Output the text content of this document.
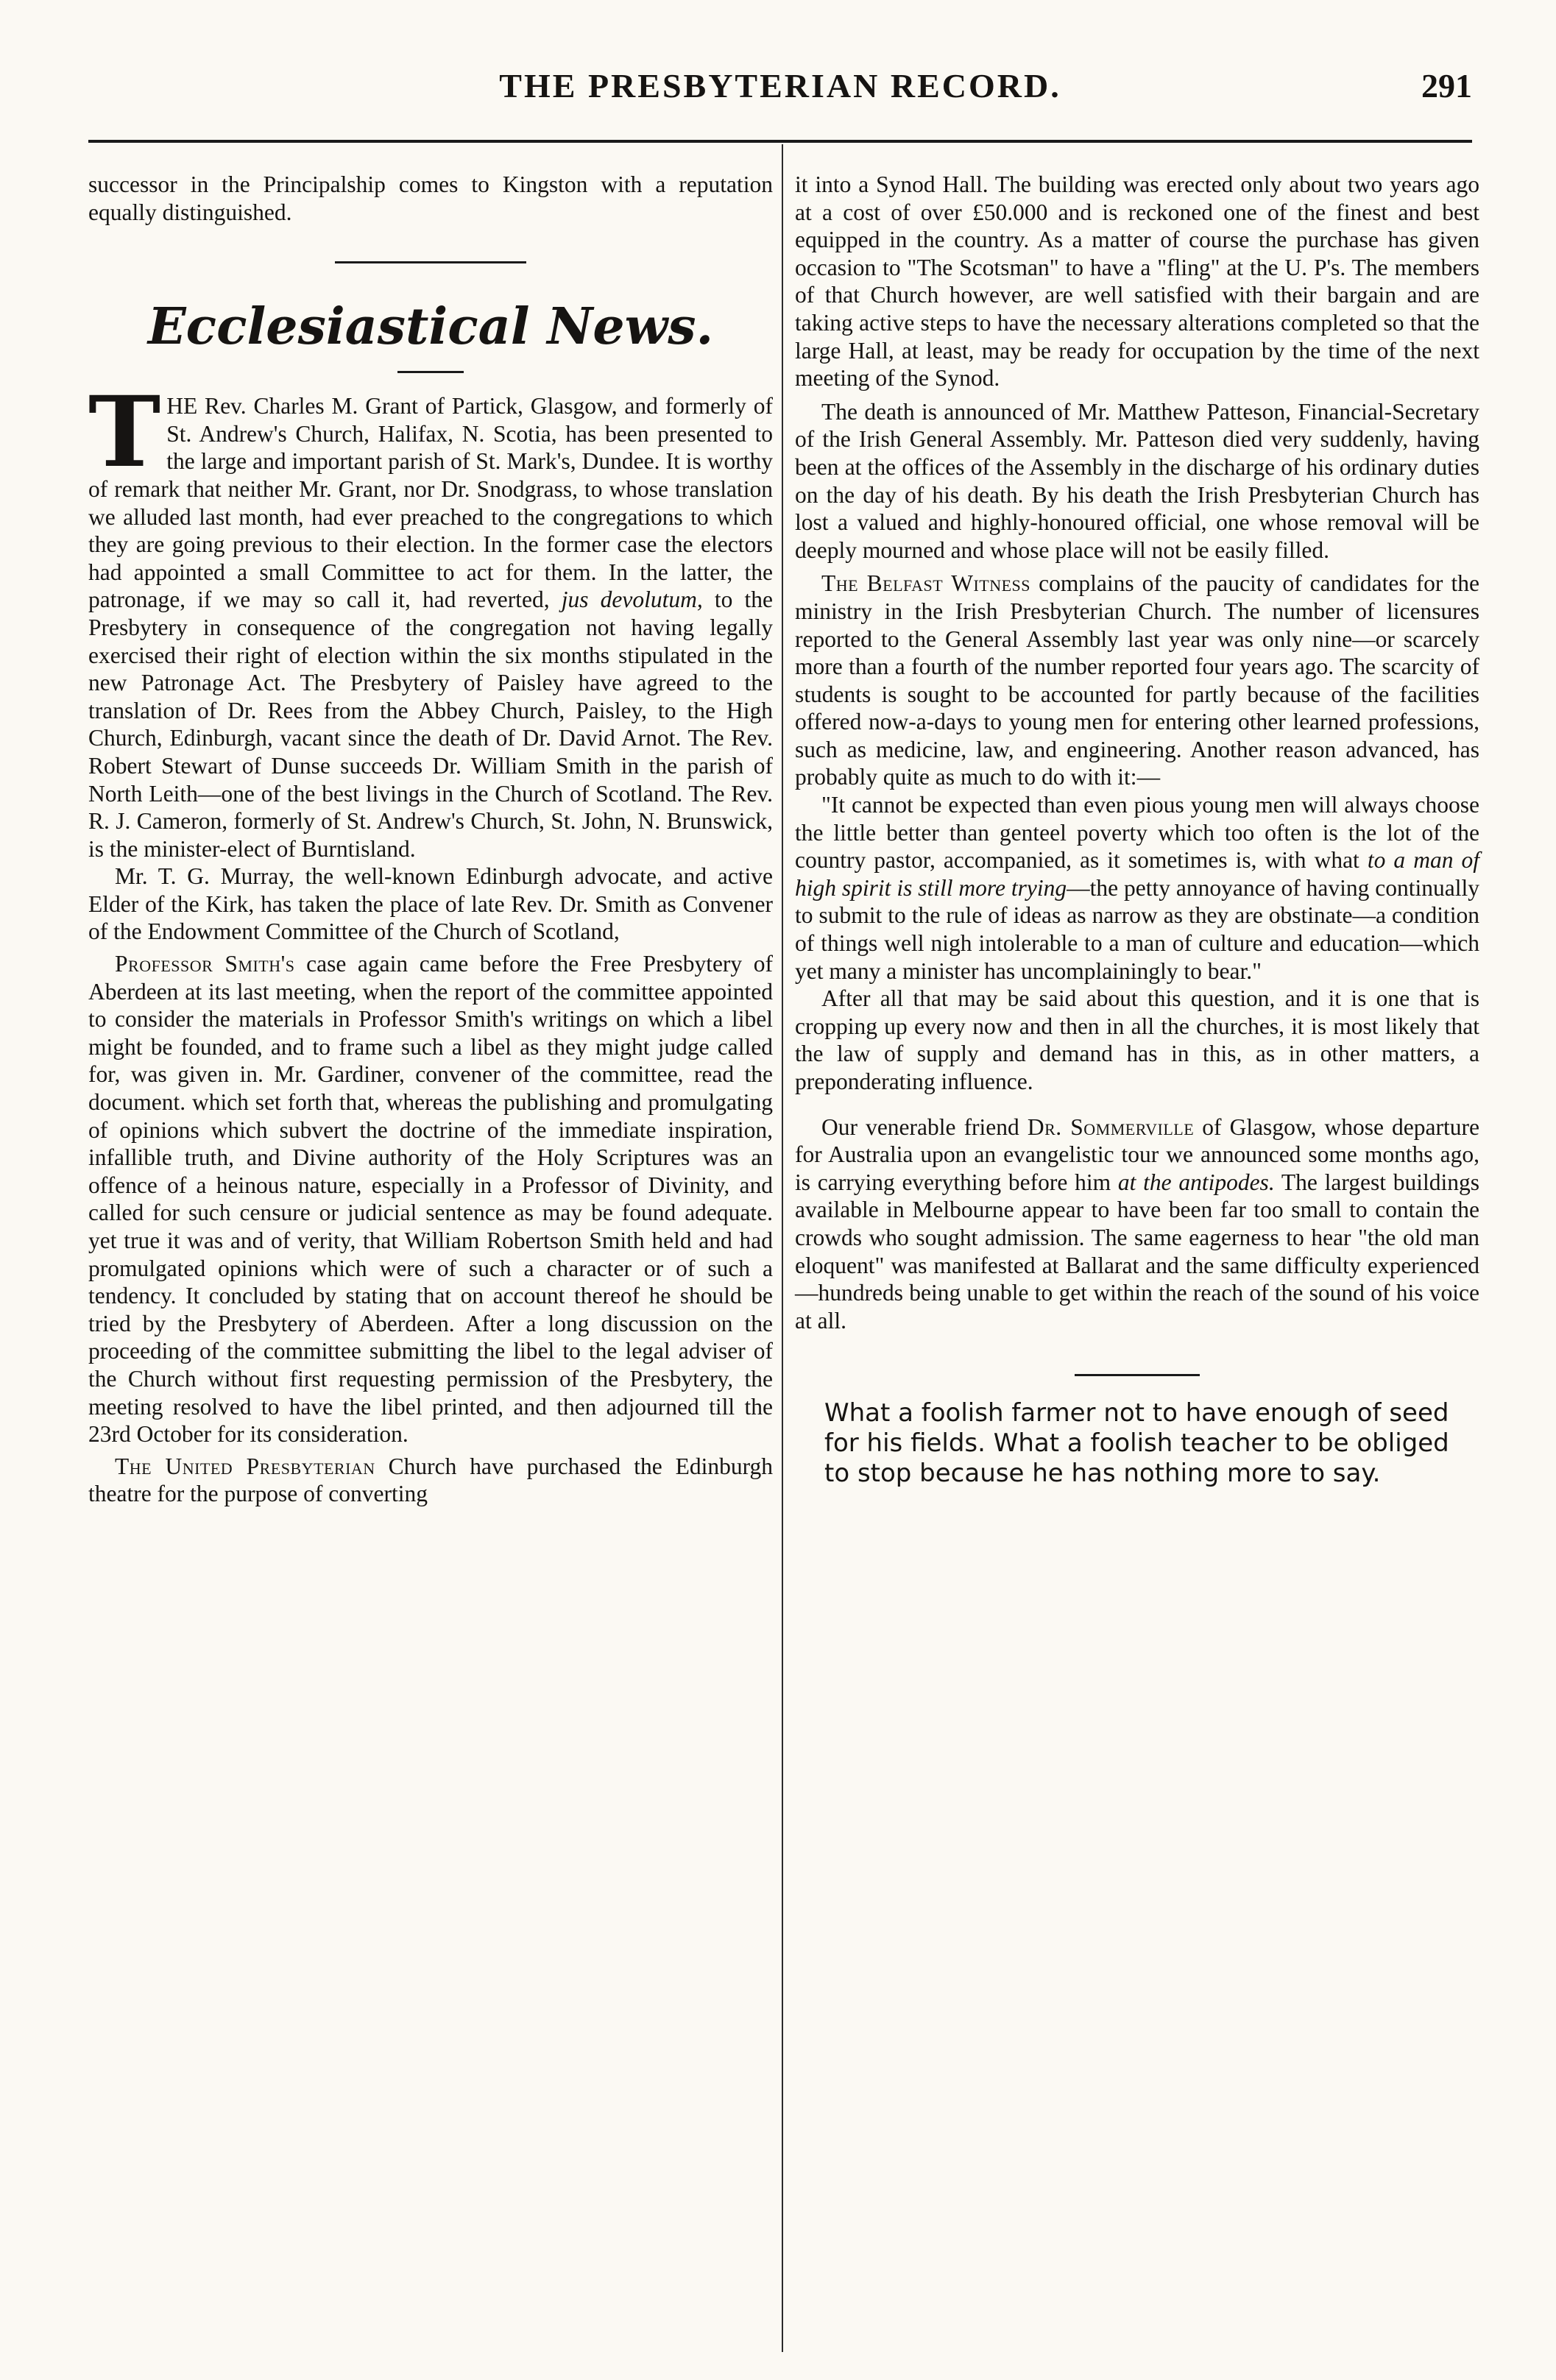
THE PRESBYTERIAN RECORD.	291

successor in the Principalship comes to Kingston with a reputation equally distinguished.

Ecclesiastical News.

THE Rev. Charles M. Grant of Partick, Glasgow, and formerly of St. Andrew's Church, Halifax, N. Scotia, has been presented to the large and important parish of St. Mark's, Dundee. It is worthy of remark that neither Mr. Grant, nor Dr. Snodgrass, to whose translation we alluded last month, had ever preached to the congregations to which they are going previous to their election. In the former case the electors had appointed a small Committee to act for them. In the latter, the patronage, if we may so call it, had reverted, jus devolutum, to the Presbytery in consequence of the congregation not having legally exercised their right of election within the six months stipulated in the new Patronage Act. The Presbytery of Paisley have agreed to the translation of Dr. Rees from the Abbey Church, Paisley, to the High Church, Edinburgh, vacant since the death of Dr. David Arnot. The Rev. Robert Stewart of Dunse succeeds Dr. William Smith in the parish of North Leith—one of the best livings in the Church of Scotland. The Rev. R. J. Cameron, formerly of St. Andrew's Church, St. John, N. Brunswick, is the minister-elect of Burntisland.

Mr. T. G. Murray, the well-known Edinburgh advocate, and active Elder of the Kirk, has taken the place of late Rev. Dr. Smith as Convener of the Endowment Committee of the Church of Scotland,

Professor Smith's case again came before the Free Presbytery of Aberdeen at its last meeting, when the report of the committee appointed to consider the materials in Professor Smith's writings on which a libel might be founded, and to frame such a libel as they might judge called for, was given in. Mr. Gardiner, convener of the committee, read the document. which set forth that, whereas the publishing and promulgating of opinions which subvert the doctrine of the immediate inspiration, infallible truth, and Divine authority of the Holy Scriptures was an offence of a heinous nature, especially in a Professor of Divinity, and called for such censure or judicial sentence as may be found adequate. yet true it was and of verity, that William Robertson Smith held and had promulgated opinions which were of such a character or of such a tendency. It concluded by stating that on account thereof he should be tried by the Presbytery of Aberdeen. After a long discussion on the proceeding of the committee submitting the libel to the legal adviser of the Church without first requesting permission of the Presbytery, the meeting resolved to have the libel printed, and then adjourned till the 23rd October for its consideration.

The United Presbyterian Church have purchased the Edinburgh theatre for the purpose of converting

it into a Synod Hall. The building was erected only about two years ago at a cost of over £50.000 and is reckoned one of the finest and best equipped in the country. As a matter of course the purchase has given occasion to "The Scotsman" to have a "fling" at the U. P's. The members of that Church however, are well satisfied with their bargain and are taking active steps to have the necessary alterations completed so that the large Hall, at least, may be ready for occupation by the time of the next meeting of the Synod.

The death is announced of Mr. Matthew Patteson, Financial-Secretary of the Irish General Assembly. Mr. Patteson died very suddenly, having been at the offices of the Assembly in the discharge of his ordinary duties on the day of his death. By his death the Irish Presbyterian Church has lost a valued and highly-honoured official, one whose removal will be deeply mourned and whose place will not be easily filled.

The Belfast Witness complains of the paucity of candidates for the ministry in the Irish Presbyterian Church. The number of licensures reported to the General Assembly last year was only nine—or scarcely more than a fourth of the number reported four years ago. The scarcity of students is sought to be accounted for partly because of the facilities offered now-a-days to young men for entering other learned professions, such as medicine, law, and engineering. Another reason advanced, has probably quite as much to do with it:—

"It cannot be expected than even pious young men will always choose the little better than genteel poverty which too often is the lot of the country pastor, accompanied, as it sometimes is, with what to a man of high spirit is still more trying—the petty annoyance of having continually to submit to the rule of ideas as narrow as they are obstinate—a condition of things well nigh intolerable to a man of culture and education—which yet many a minister has uncomplainingly to bear."

After all that may be said about this question, and it is one that is cropping up every now and then in all the churches, it is most likely that the law of supply and demand has in this, as in other matters, a preponderating influence.

Our venerable friend Dr. Sommerville of Glasgow, whose departure for Australia upon an evangelistic tour we announced some months ago, is carrying everything before him at the antipodes. The largest buildings available in Melbourne appear to have been far too small to contain the crowds who sought admission. The same eagerness to hear "the old man eloquent" was manifested at Ballarat and the same difficulty experienced—hundreds being unable to get within the reach of the sound of his voice at all.

What a foolish farmer not to have enough of seed for his fields. What a foolish teacher to be obliged to stop because he has nothing more to say.
